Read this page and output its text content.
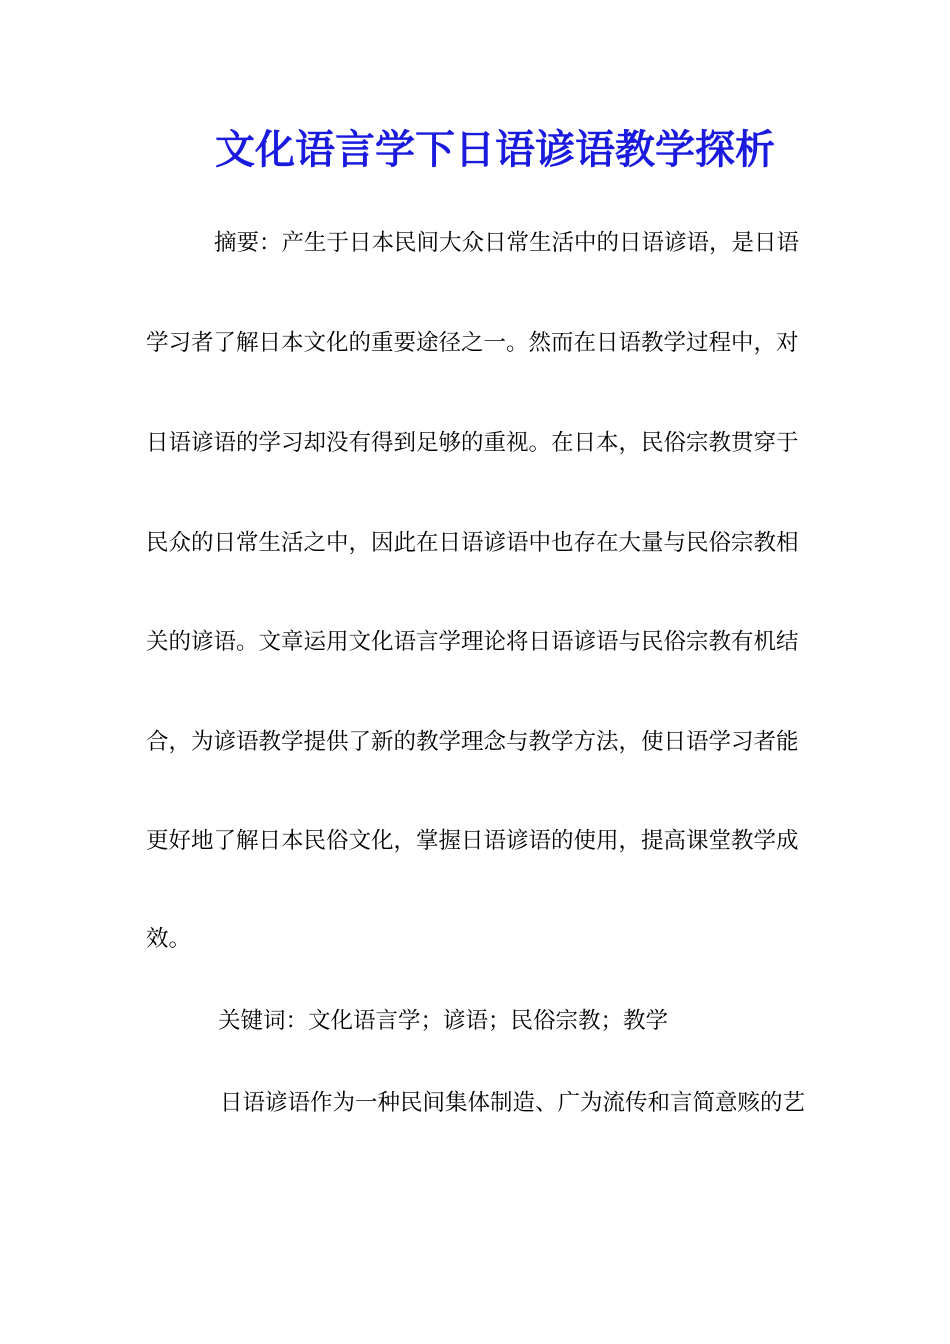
文化语言学下日语谚语教学探析
摘要：产生于日本民间大众日常生活中的日语谚语，是日语
学习者了解日本文化的重要途径之一。然而在日语教学过程中，对
日语谚语的学习却没有得到足够的重视。在日本，民俗宗教贯穿于
民众的日常生活之中，因此在日语谚语中也存在大量与民俗宗教相
关的谚语。文章运用文化语言学理论将日语谚语与民俗宗教有机结
合，为谚语教学提供了新的教学理念与教学方法，使日语学习者能
更好地了解日本民俗文化，掌握日语谚语的使用，提高课堂教学成
效。
关键词：文化语言学；谚语；民俗宗教；教学
日语谚语作为一种民间集体制造、广为流传和言简意赅的艺
